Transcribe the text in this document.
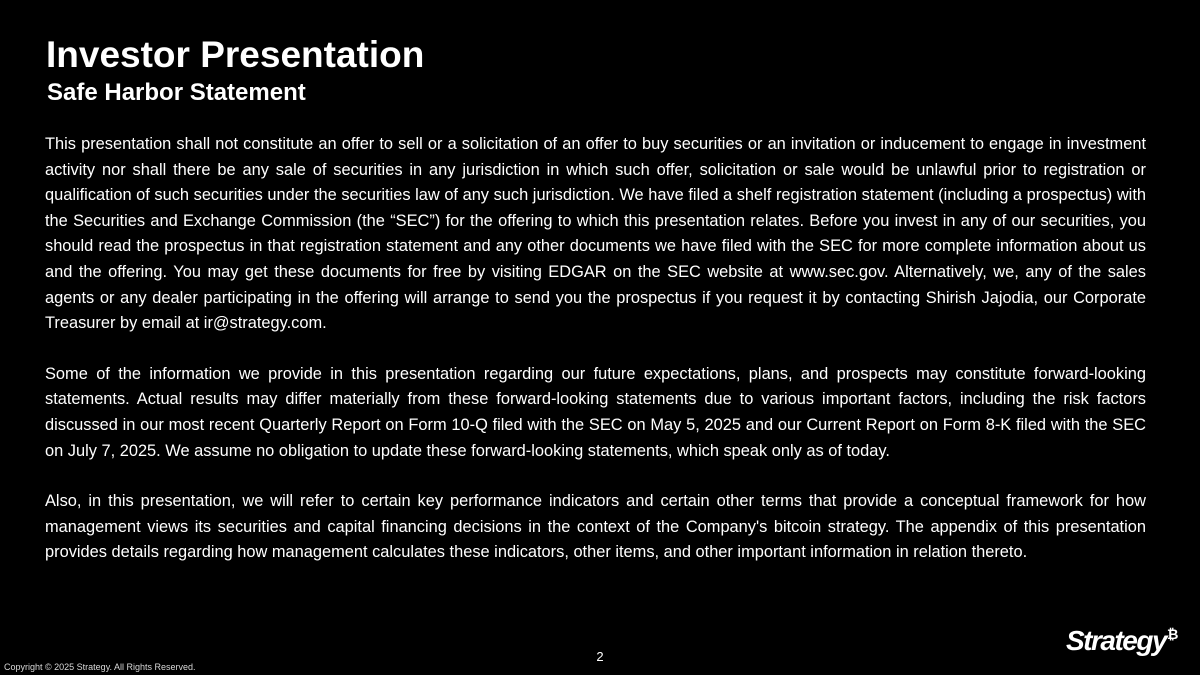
Investor Presentation
Safe Harbor Statement

This presentation shall not constitute an offer to sell or a solicitation of an offer to buy securities or an invitation or inducement to engage in investment activity nor shall there be any sale of securities in any jurisdiction in which such offer, solicitation or sale would be unlawful prior to registration or qualification of such securities under the securities law of any such jurisdiction. We have filed a shelf registration statement (including a prospectus) with the Securities and Exchange Commission (the “SEC”) for the offering to which this presentation relates. Before you invest in any of our securities, you should read the prospectus in that registration statement and any other documents we have filed with the SEC for more complete information about us and the offering. You may get these documents for free by visiting EDGAR on the SEC website at www.sec.gov. Alternatively, we, any of the sales agents or any dealer participating in the offering will arrange to send you the prospectus if you request it by contacting Shirish Jajodia, our Corporate Treasurer by email at ir@strategy.com.

Some of the information we provide in this presentation regarding our future expectations, plans, and prospects may constitute forward-looking statements. Actual results may differ materially from these forward-looking statements due to various important factors, including the risk factors discussed in our most recent Quarterly Report on Form 10-Q filed with the SEC on May 5, 2025 and our Current Report on Form 8-K filed with the SEC on July 7, 2025. We assume no obligation to update these forward-looking statements, which speak only as of today.

Also, in this presentation, we will refer to certain key performance indicators and certain other terms that provide a conceptual framework for how management views its securities and capital financing decisions in the context of the Company's bitcoin strategy. The appendix of this presentation provides details regarding how management calculates these indicators, other items, and other important information in relation thereto.

2
Copyright © 2025 Strategy. All Rights Reserved.
Strategy ₿
